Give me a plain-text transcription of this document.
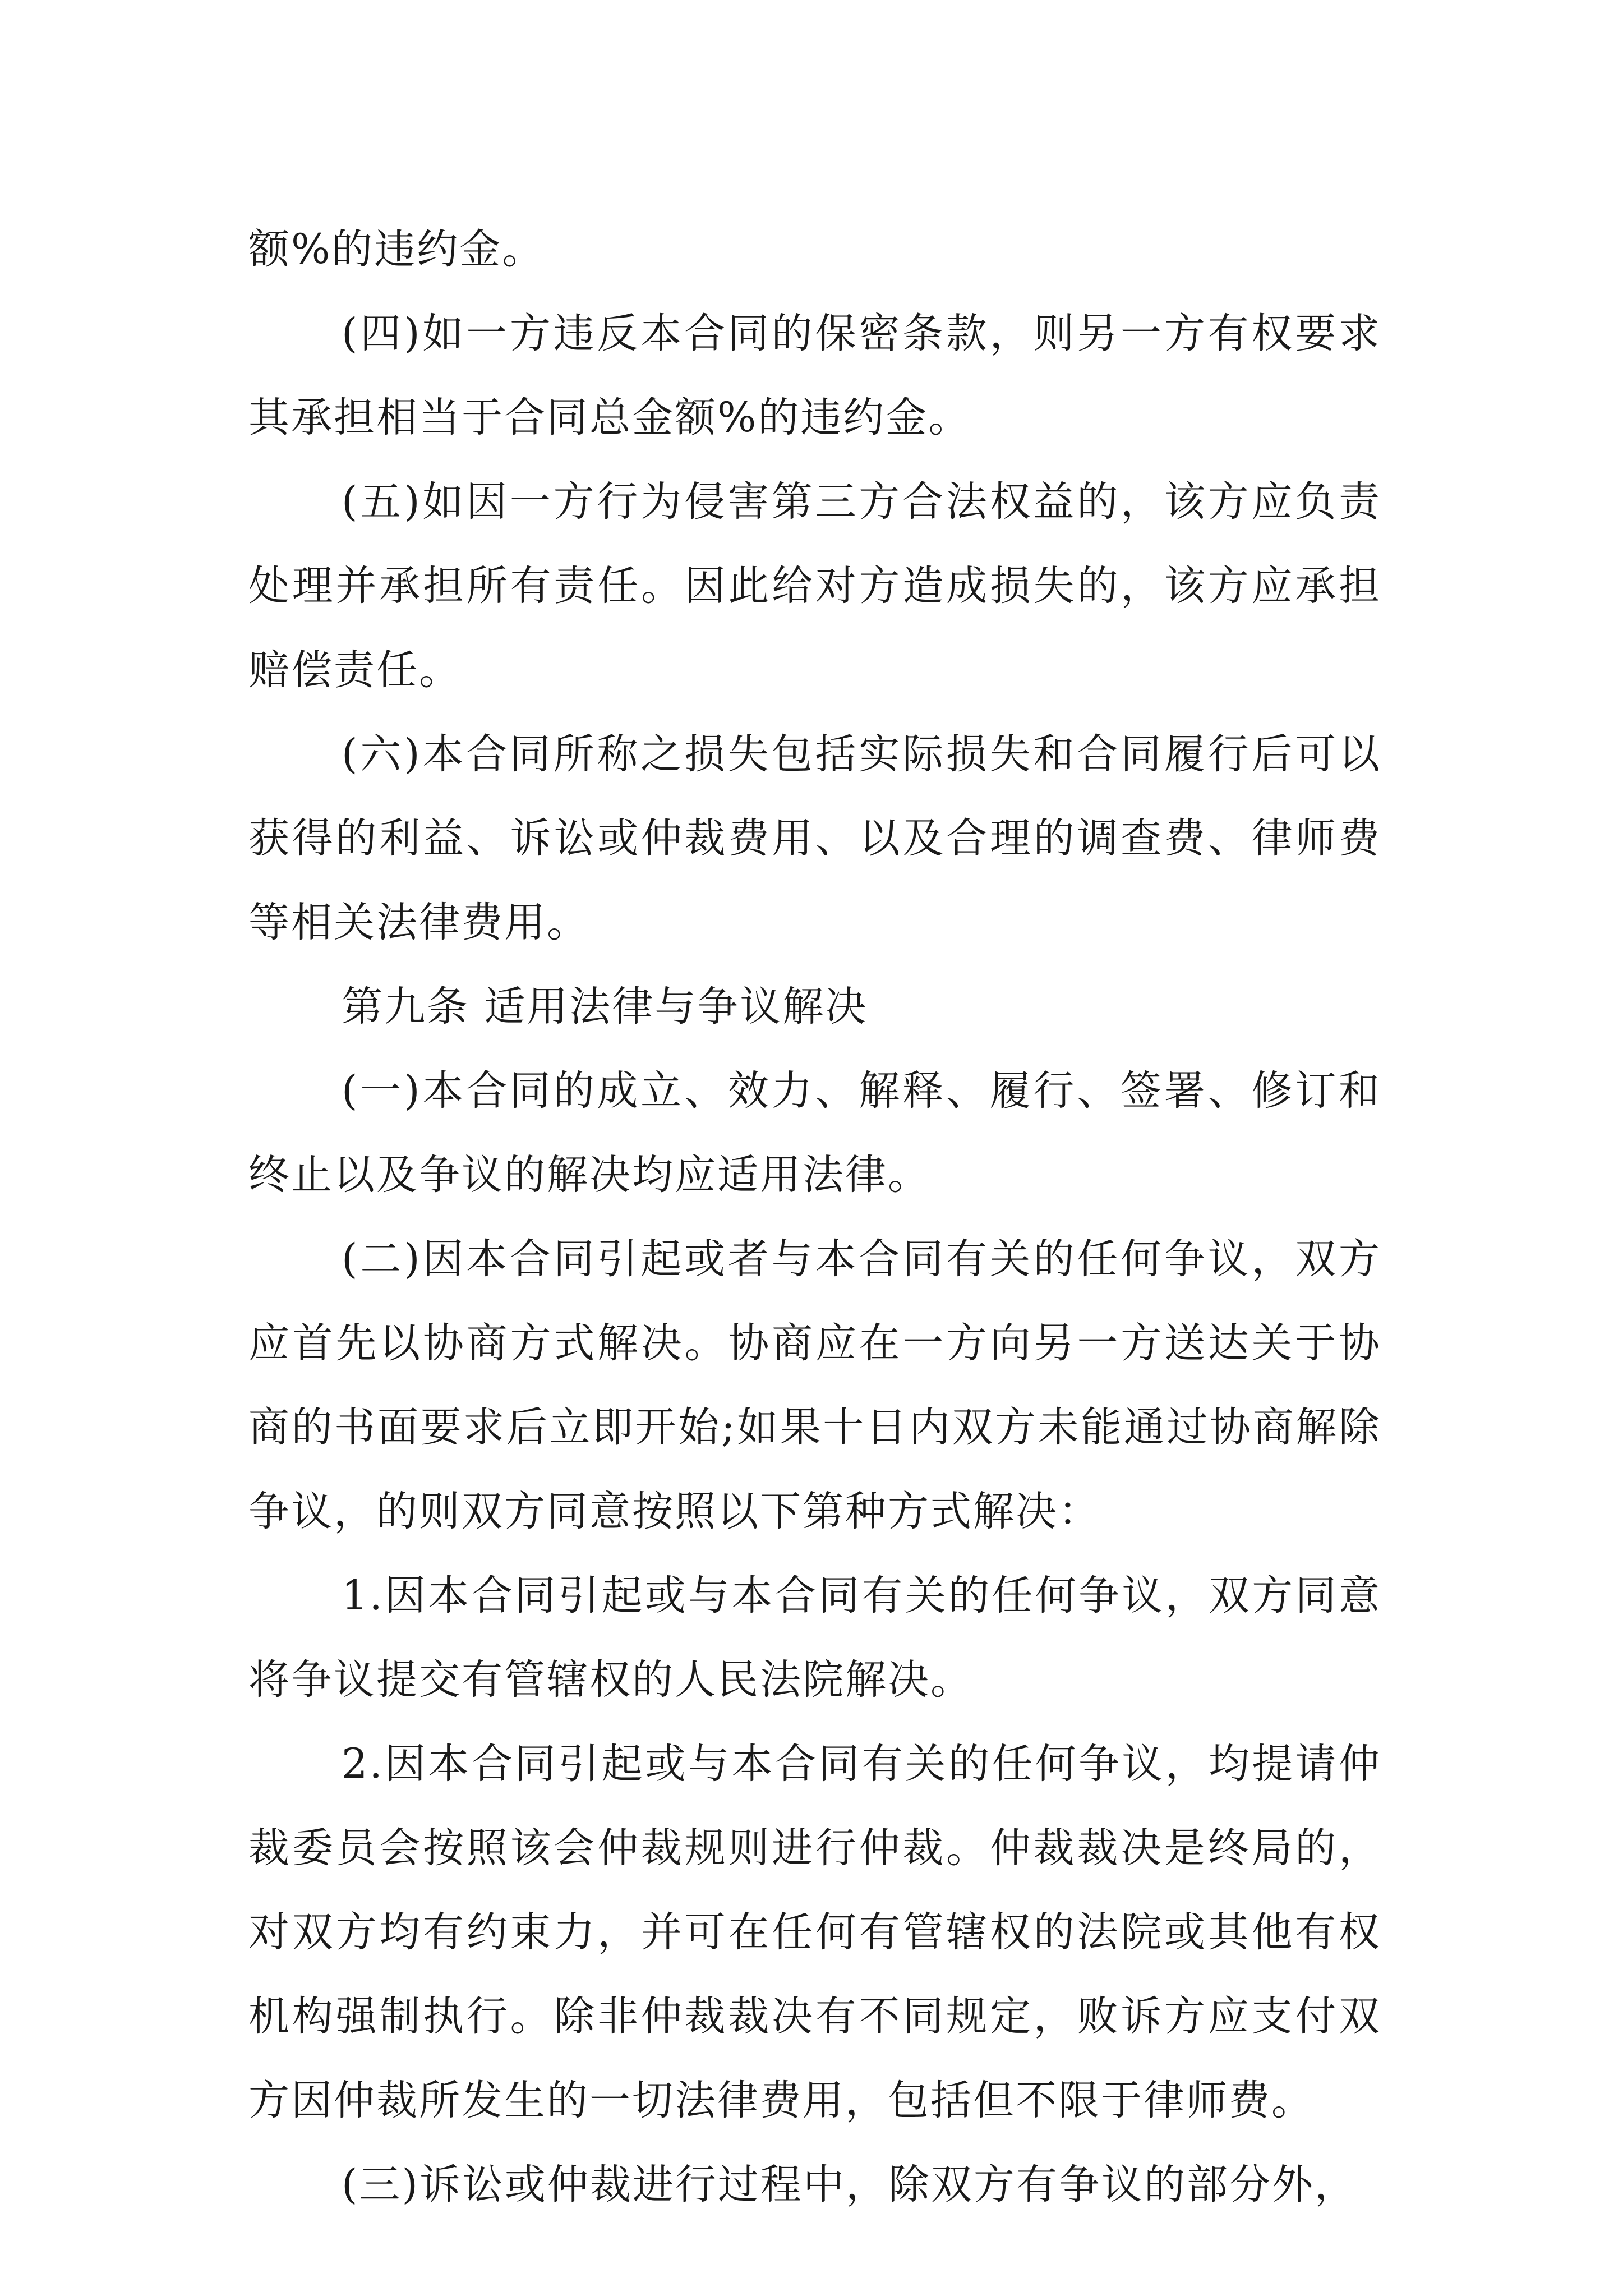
额%的违约金。

(四)如一方违反本合同的保密条款，则另一方有权要求其承担相当于合同总金额%的违约金。

(五)如因一方行为侵害第三方合法权益的，该方应负责处理并承担所有责任。因此给对方造成损失的，该方应承担赔偿责任。

(六)本合同所称之损失包括实际损失和合同履行后可以获得的利益、诉讼或仲裁费用、以及合理的调查费、律师费等相关法律费用。

第九条 适用法律与争议解决

(一)本合同的成立、效力、解释、履行、签署、修订和终止以及争议的解决均应适用法律。

(二)因本合同引起或者与本合同有关的任何争议，双方应首先以协商方式解决。协商应在一方向另一方送达关于协商的书面要求后立即开始;如果十日内双方未能通过协商解除争议，的则双方同意按照以下第种方式解决：

1.因本合同引起或与本合同有关的任何争议，双方同意将争议提交有管辖权的人民法院解决。

2.因本合同引起或与本合同有关的任何争议，均提请仲裁委员会按照该会仲裁规则进行仲裁。仲裁裁决是终局的，对双方均有约束力，并可在任何有管辖权的法院或其他有权机构强制执行。除非仲裁裁决有不同规定，败诉方应支付双方因仲裁所发生的一切法律费用，包括但不限于律师费。

(三)诉讼或仲裁进行过程中，除双方有争议的部分外，
